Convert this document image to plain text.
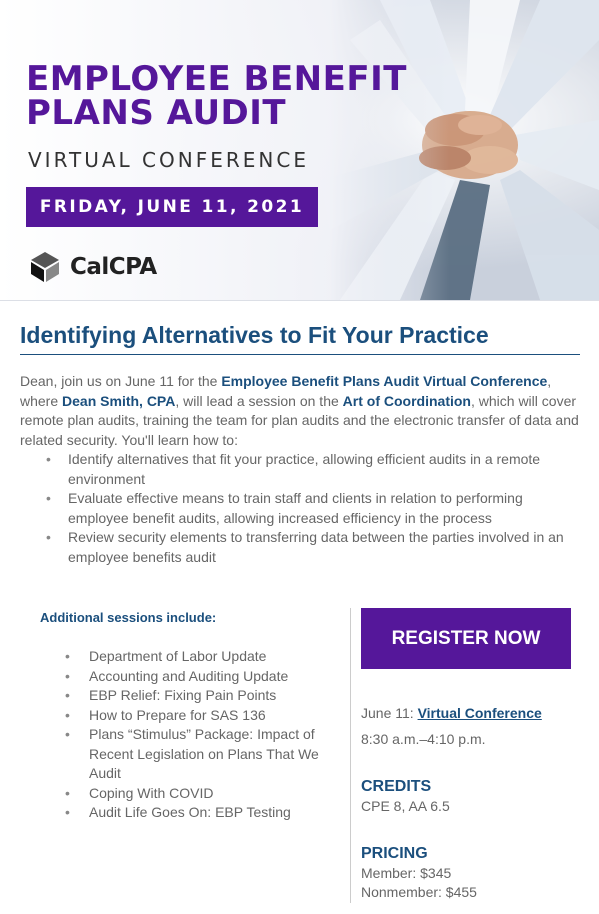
EMPLOYEE BENEFIT
PLANS AUDIT
VIRTUAL CONFERENCE
FRIDAY, JUNE 11, 2021
CalCPA
Identifying Alternatives to Fit Your Practice
Dean, join us on June 11 for the Employee Benefit Plans Audit Virtual Conference, where Dean Smith, CPA, will lead a session on the Art of Coordination, which will cover remote plan audits, training the team for plan audits and the electronic transfer of data and related security. You'll learn how to:
• Identify alternatives that fit your practice, allowing efficient audits in a remote environment
• Evaluate effective means to train staff and clients in relation to performing employee benefit audits, allowing increased efficiency in the process
• Review security elements to transferring data between the parties involved in an employee benefits audit
Additional sessions include:
• Department of Labor Update
• Accounting and Auditing Update
• EBP Relief: Fixing Pain Points
• How to Prepare for SAS 136
• Plans “Stimulus” Package: Impact of Recent Legislation on Plans That We Audit
• Coping With COVID
• Audit Life Goes On: EBP Testing
REGISTER NOW
June 11: Virtual Conference
8:30 a.m.–4:10 p.m.
CREDITS
CPE 8, AA 6.5
PRICING
Member: $345
Nonmember: $455
